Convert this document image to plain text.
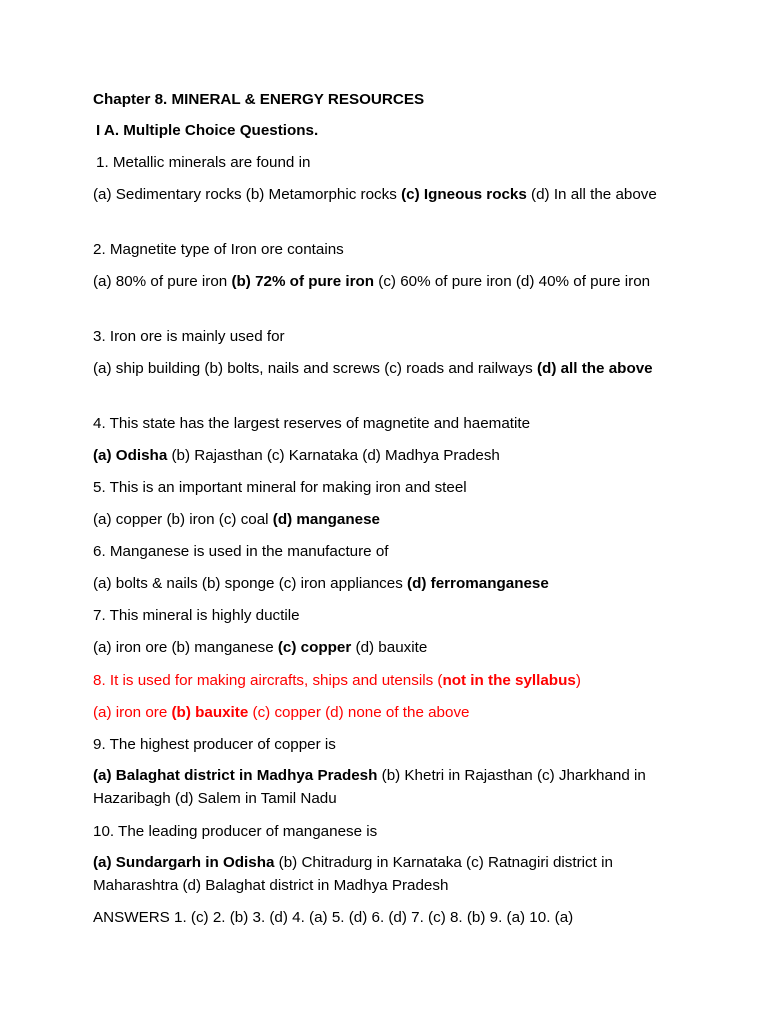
Chapter 8. MINERAL & ENERGY RESOURCES
I A. Multiple Choice Questions.
1. Metallic minerals are found in
(a) Sedimentary rocks (b) Metamorphic rocks (c) Igneous rocks (d) In all the above
2. Magnetite type of Iron ore contains
(a) 80% of pure iron (b) 72% of pure iron (c) 60% of pure iron (d) 40% of pure iron
3. Iron ore is mainly used for
(a) ship building (b) bolts, nails and screws (c) roads and railways (d) all the above
4. This state has the largest reserves of magnetite and haematite
(a) Odisha (b) Rajasthan (c) Karnataka (d) Madhya Pradesh
5. This is an important mineral for making iron and steel
(a) copper (b) iron (c) coal (d) manganese
6. Manganese is used in the manufacture of
(a) bolts & nails (b) sponge (c) iron appliances (d) ferromanganese
7. This mineral is highly ductile
(a) iron ore (b) manganese (c) copper (d) bauxite
8. It is used for making aircrafts, ships and utensils (not in the syllabus)
(a) iron ore (b) bauxite (c) copper (d) none of the above
9. The highest producer of copper is
(a) Balaghat district in Madhya Pradesh (b) Khetri in Rajasthan (c) Jharkhand in Hazaribagh (d) Salem in Tamil Nadu
10. The leading producer of manganese is
(a) Sundargarh in Odisha (b) Chitradurg in Karnataka (c) Ratnagiri district in Maharashtra (d) Balaghat district in Madhya Pradesh
ANSWERS 1. (c) 2. (b) 3. (d) 4. (a) 5. (d) 6. (d) 7. (c) 8. (b) 9. (a) 10. (a)
